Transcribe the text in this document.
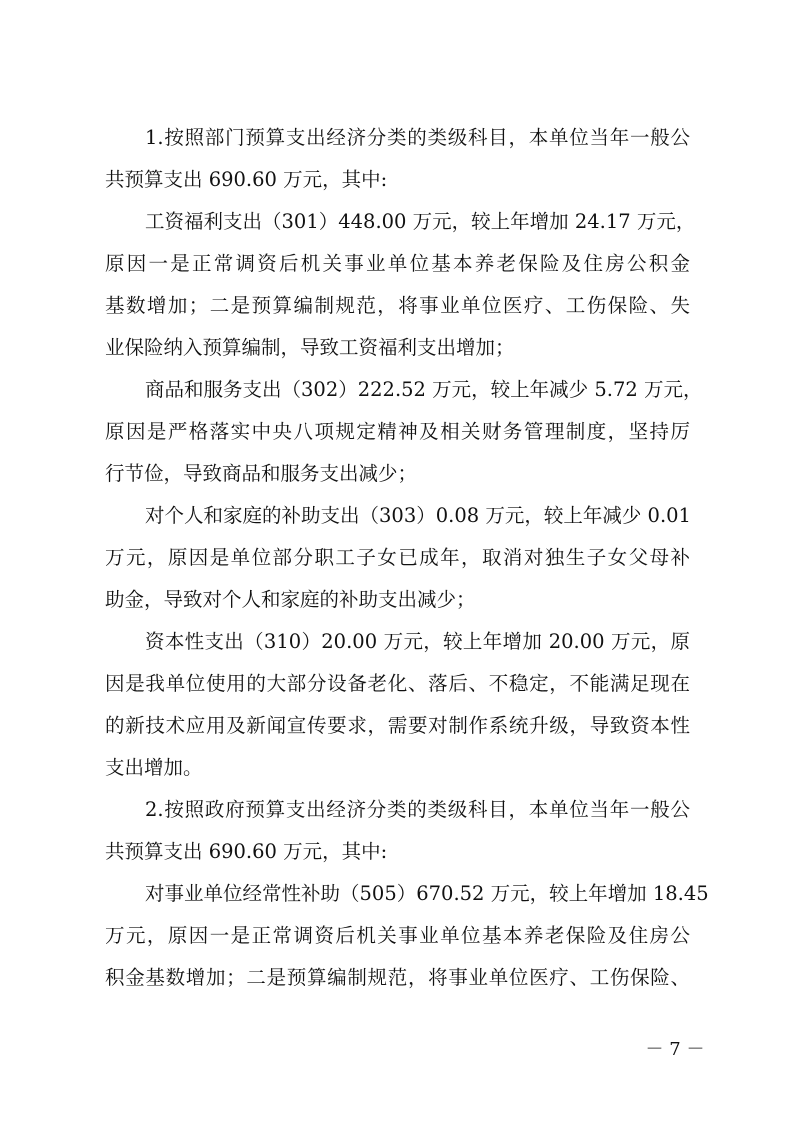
1.按照部门预算支出经济分类的类级科目，本单位当年一般公
共预算支出 690.60 万元，其中:
工资福利支出（301）448.00 万元，较上年增加 24.17 万元，
原因一是正常调资后机关事业单位基本养老保险及住房公积金
基数增加；二是预算编制规范，将事业单位医疗、工伤保险、失
业保险纳入预算编制，导致工资福利支出增加；
商品和服务支出（302）222.52 万元，较上年减少 5.72 万元，
原因是严格落实中央八项规定精神及相关财务管理制度，坚持厉
行节俭，导致商品和服务支出减少；
对个人和家庭的补助支出（303）0.08 万元，较上年减少 0.01
万元，原因是单位部分职工子女已成年，取消对独生子女父母补
助金，导致对个人和家庭的补助支出减少；
资本性支出（310）20.00 万元，较上年增加 20.00 万元，原
因是我单位使用的大部分设备老化、落后、不稳定，不能满足现在
的新技术应用及新闻宣传要求，需要对制作系统升级，导致资本性
支出增加。
2.按照政府预算支出经济分类的类级科目，本单位当年一般公
共预算支出 690.60 万元，其中:
对事业单位经常性补助（505）670.52 万元，较上年增加 18.45
万元，原因一是正常调资后机关事业单位基本养老保险及住房公
积金基数增加；二是预算编制规范，将事业单位医疗、工伤保险、
－ 7 －
